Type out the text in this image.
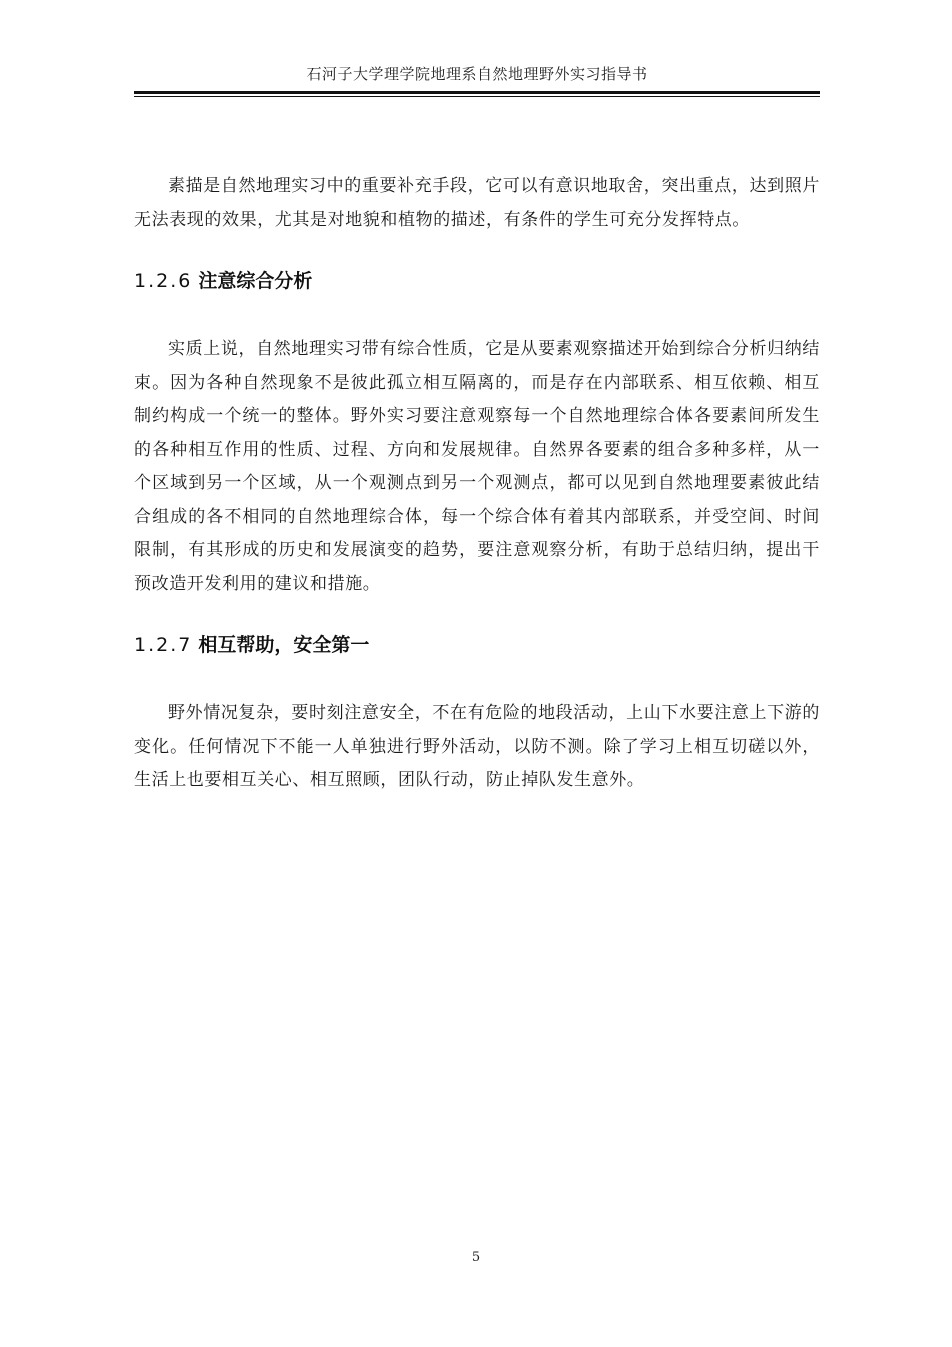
石河子大学理学院地理系自然地理野外实习指导书

素描是自然地理实习中的重要补充手段，它可以有意识地取舍，突出重点，达到照片无法表现的效果，尤其是对地貌和植物的描述，有条件的学生可充分发挥特点。

1.2.6 注意综合分析

实质上说，自然地理实习带有综合性质，它是从要素观察描述开始到综合分析归纳结束。因为各种自然现象不是彼此孤立相互隔离的，而是存在内部联系、相互依赖、相互制约构成一个统一的整体。野外实习要注意观察每一个自然地理综合体各要素间所发生的各种相互作用的性质、过程、方向和发展规律。自然界各要素的组合多种多样，从一个区域到另一个区域，从一个观测点到另一个观测点，都可以见到自然地理要素彼此结合组成的各不相同的自然地理综合体，每一个综合体有着其内部联系，并受空间、时间限制，有其形成的历史和发展演变的趋势，要注意观察分析，有助于总结归纳，提出干预改造开发利用的建议和措施。

1.2.7 相互帮助，安全第一

野外情况复杂，要时刻注意安全，不在有危险的地段活动，上山下水要注意上下游的变化。任何情况下不能一人单独进行野外活动，以防不测。除了学习上相互切磋以外，生活上也要相互关心、相互照顾，团队行动，防止掉队发生意外。

5
